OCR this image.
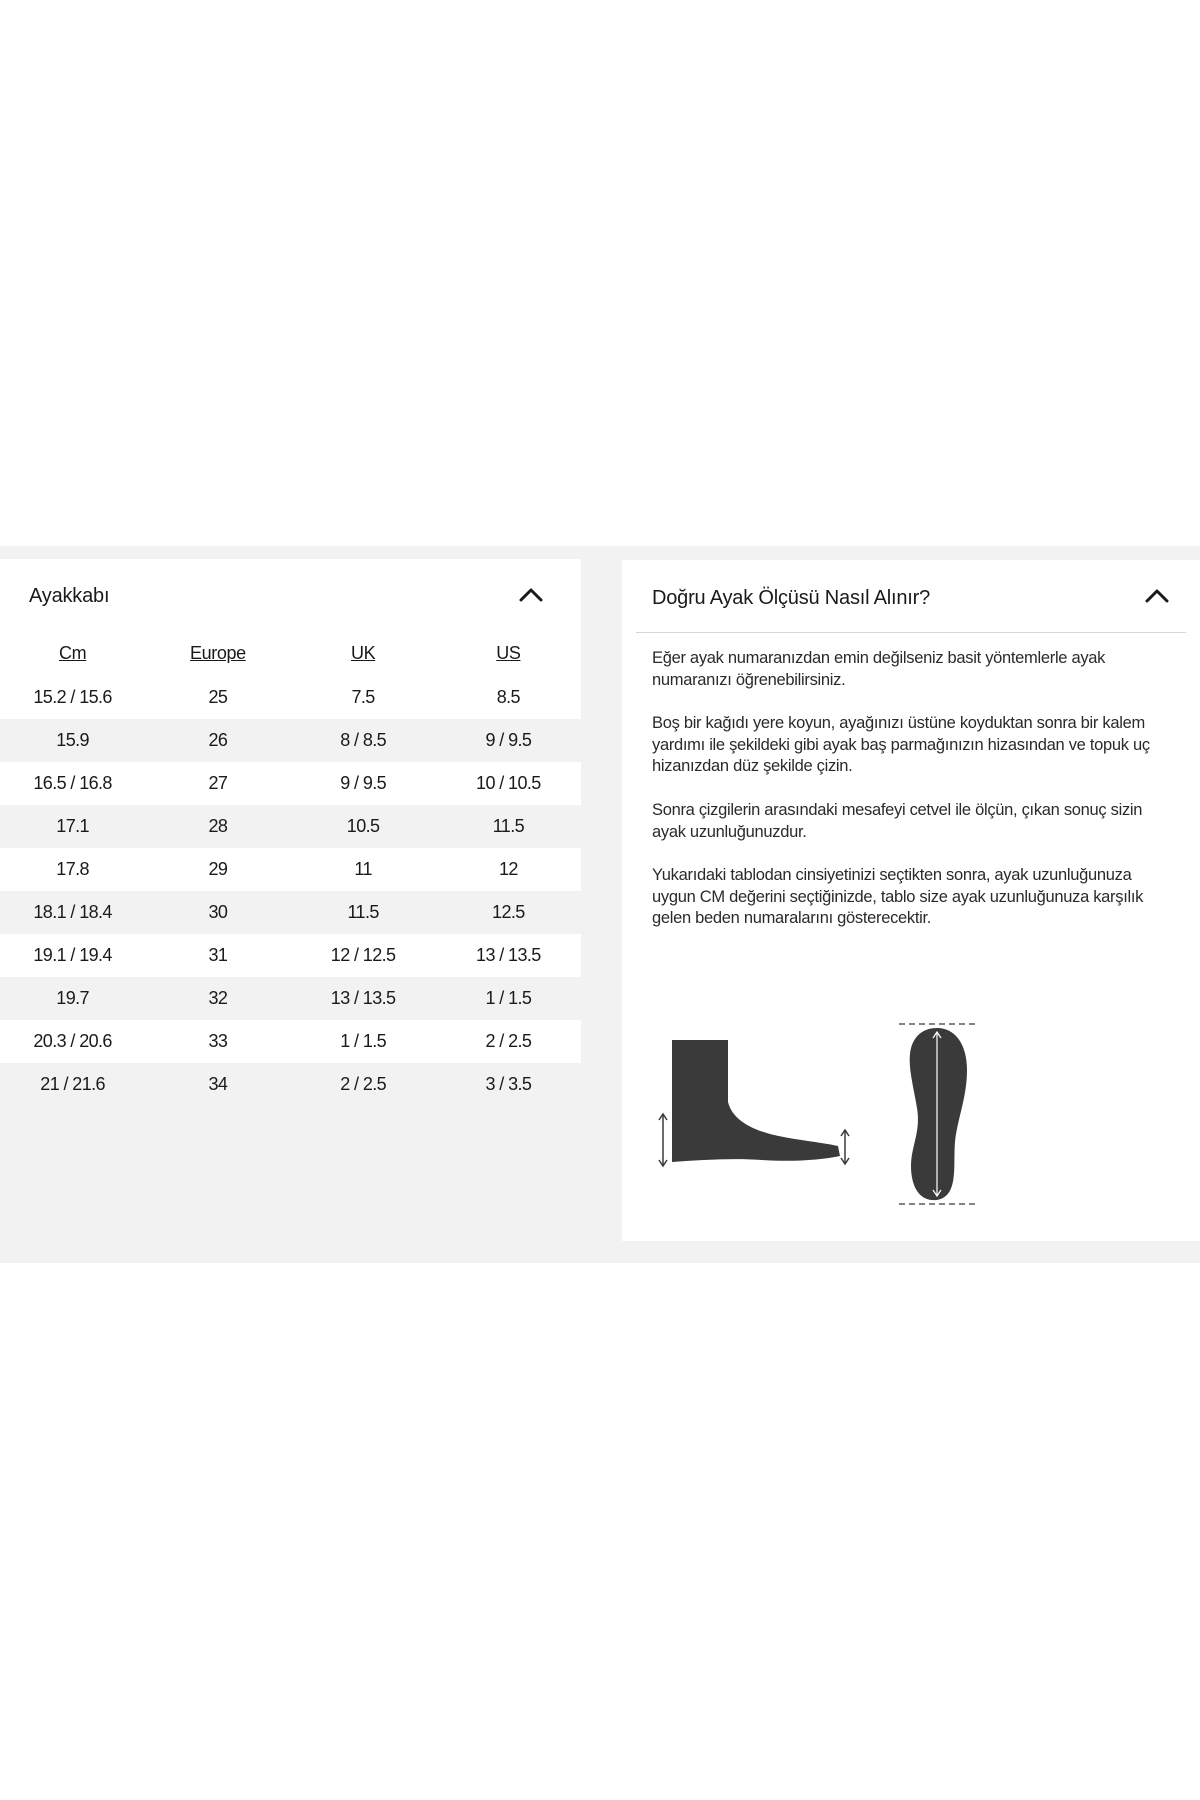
Ayakkabı
Cm	Europe	UK	US
15.2 / 15.6	25	7.5	8.5
15.9	26	8 / 8.5	9 / 9.5
16.5 / 16.8	27	9 / 9.5	10 / 10.5
17.1	28	10.5	11.5
17.8	29	11	12
18.1 / 18.4	30	11.5	12.5
19.1 / 19.4	31	12 / 12.5	13 / 13.5
19.7	32	13 / 13.5	1 / 1.5
20.3 / 20.6	33	1 / 1.5	2 / 2.5
21 / 21.6	34	2 / 2.5	3 / 3.5
Doğru Ayak Ölçüsü Nasıl Alınır?

Eğer ayak numaranızdan emin değilseniz basit yöntemlerle ayak numaranızı öğrenebilirsiniz.

Boş bir kağıdı yere koyun, ayağınızı üstüne koyduktan sonra bir kalem yardımı ile şekildeki gibi ayak baş parmağınızın hizasından ve topuk uç hizanızdan düz şekilde çizin.

Sonra çizgilerin arasındaki mesafeyi cetvel ile ölçün, çıkan sonuç sizin ayak uzunluğunuzdur.

Yukarıdaki tablodan cinsiyetinizi seçtikten sonra, ayak uzunluğunuza uygun CM değerini seçtiğinizde, tablo size ayak uzunluğunuza karşılık gelen beden numaralarını gösterecektir.
